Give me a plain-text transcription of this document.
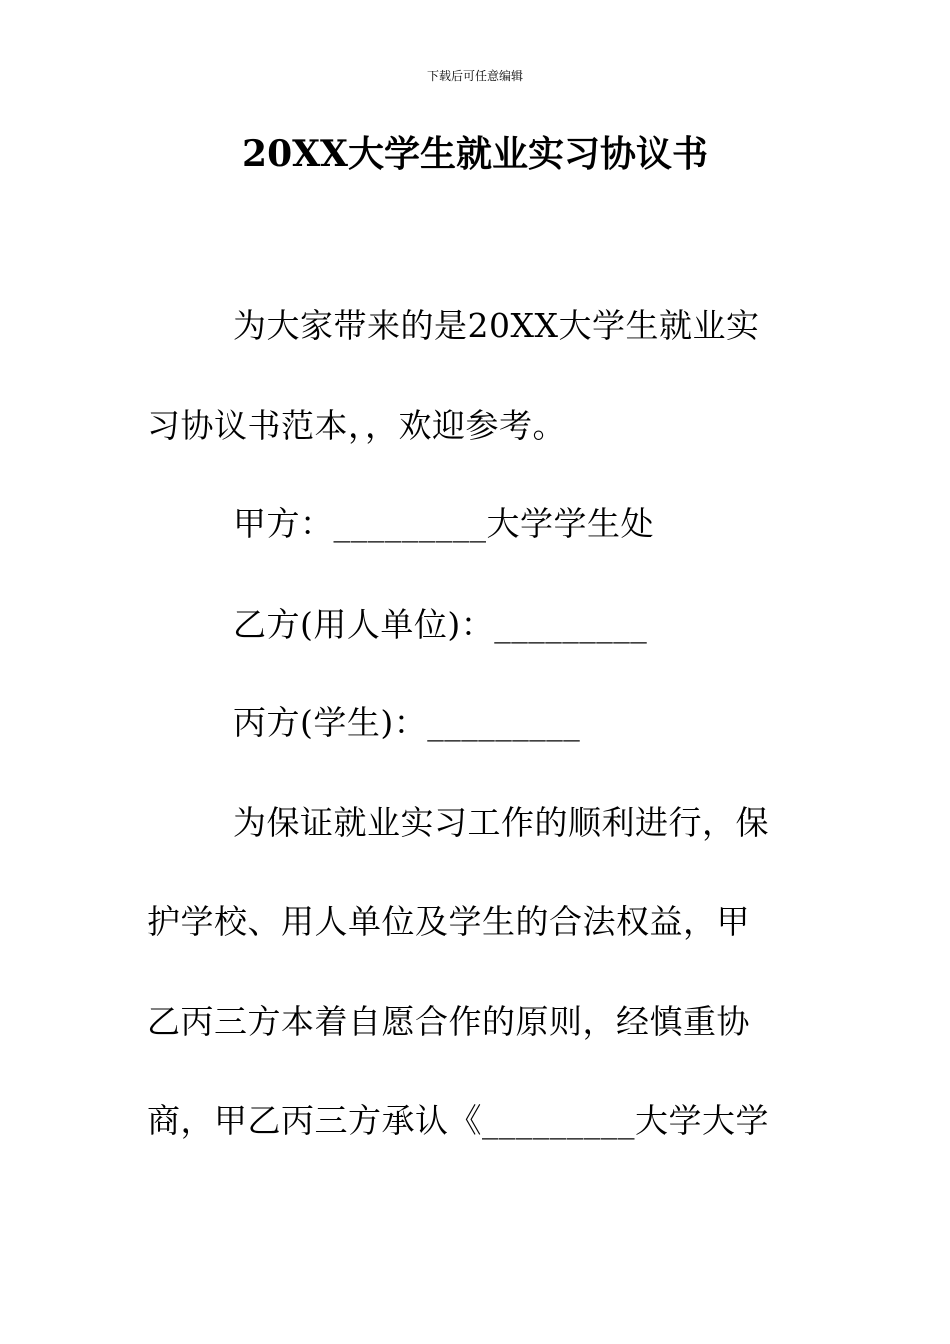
下载后可任意编辑
20XX大学生就业实习协议书
为大家带来的是20XX大学生就业实
习协议书范本，，欢迎参考。
甲方：_________大学学生处
乙方(用人单位)：_________
丙方(学生)：_________
为保证就业实习工作的顺利进行，保
护学校、用人单位及学生的合法权益，甲
乙丙三方本着自愿合作的原则，经慎重协
商，甲乙丙三方承认《_________大学大学
